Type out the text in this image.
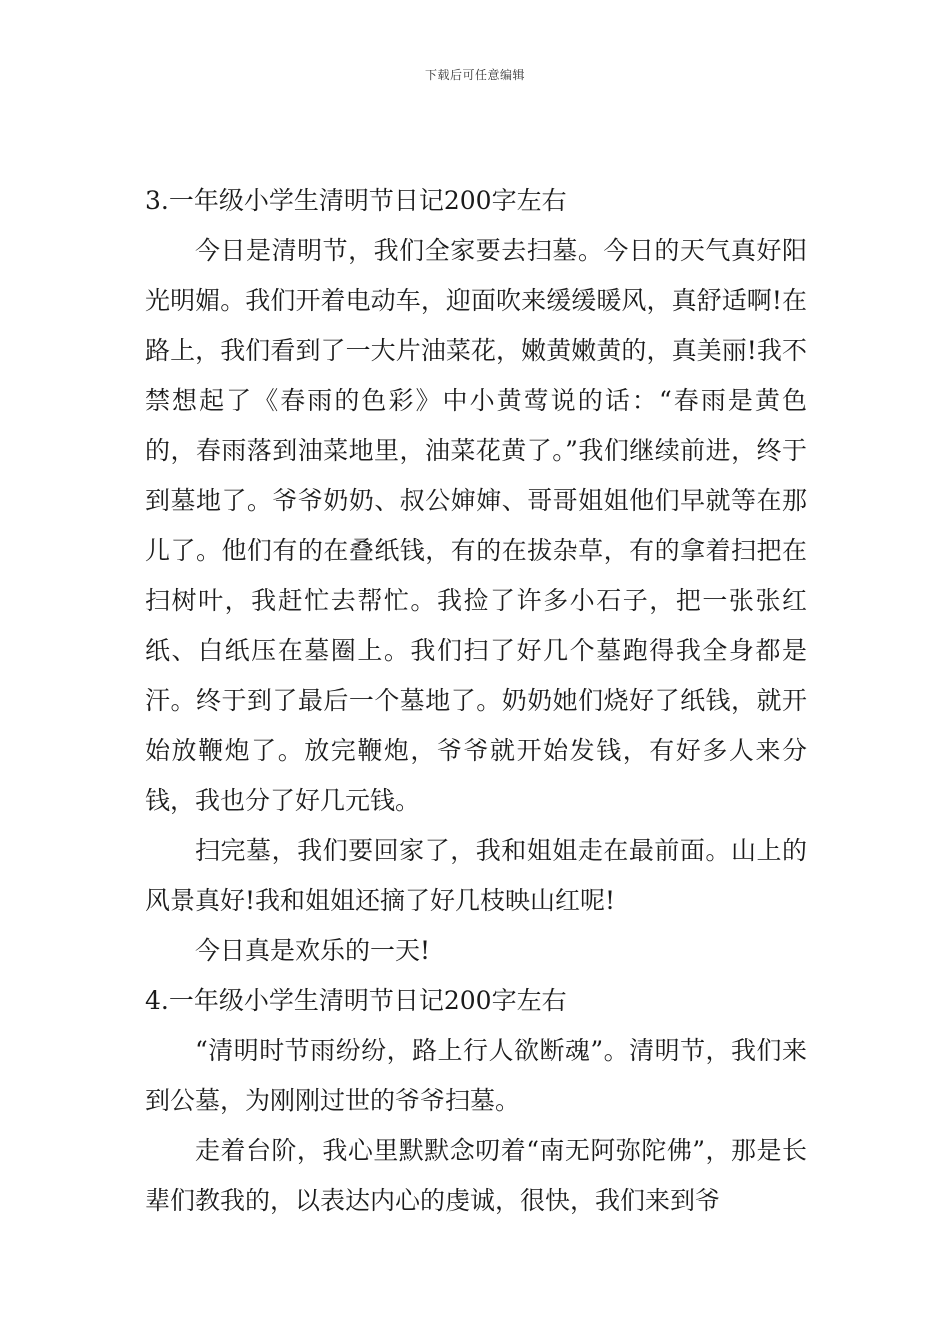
下载后可任意编辑
3.一年级小学生清明节日记200字左右

今日是清明节，我们全家要去扫墓。今日的天气真好阳光明媚。我们开着电动车，迎面吹来缓缓暖风，真舒适啊!在路上，我们看到了一大片油菜花，嫩黄嫩黄的，真美丽!我不禁想起了《春雨的色彩》中小黄莺说的话：“春雨是黄色的，春雨落到油菜地里，油菜花黄了。”我们继续前进，终于到墓地了。爷爷奶奶、叔公婶婶、哥哥姐姐他们早就等在那儿了。他们有的在叠纸钱，有的在拔杂草，有的拿着扫把在扫树叶，我赶忙去帮忙。我捡了许多小石子，把一张张红纸、白纸压在墓圈上。我们扫了好几个墓跑得我全身都是汗。终于到了最后一个墓地了。奶奶她们烧好了纸钱，就开始放鞭炮了。放完鞭炮，爷爷就开始发钱，有好多人来分钱，我也分了好几元钱。

扫完墓，我们要回家了，我和姐姐走在最前面。山上的风景真好!我和姐姐还摘了好几枝映山红呢!

今日真是欢乐的一天!

4.一年级小学生清明节日记200字左右

“清明时节雨纷纷，路上行人欲断魂”。清明节，我们来到公墓，为刚刚过世的爷爷扫墓。

走着台阶，我心里默默念叨着“南无阿弥陀佛”，那是长辈们教我的，以表达内心的虔诚，很快，我们来到爷
